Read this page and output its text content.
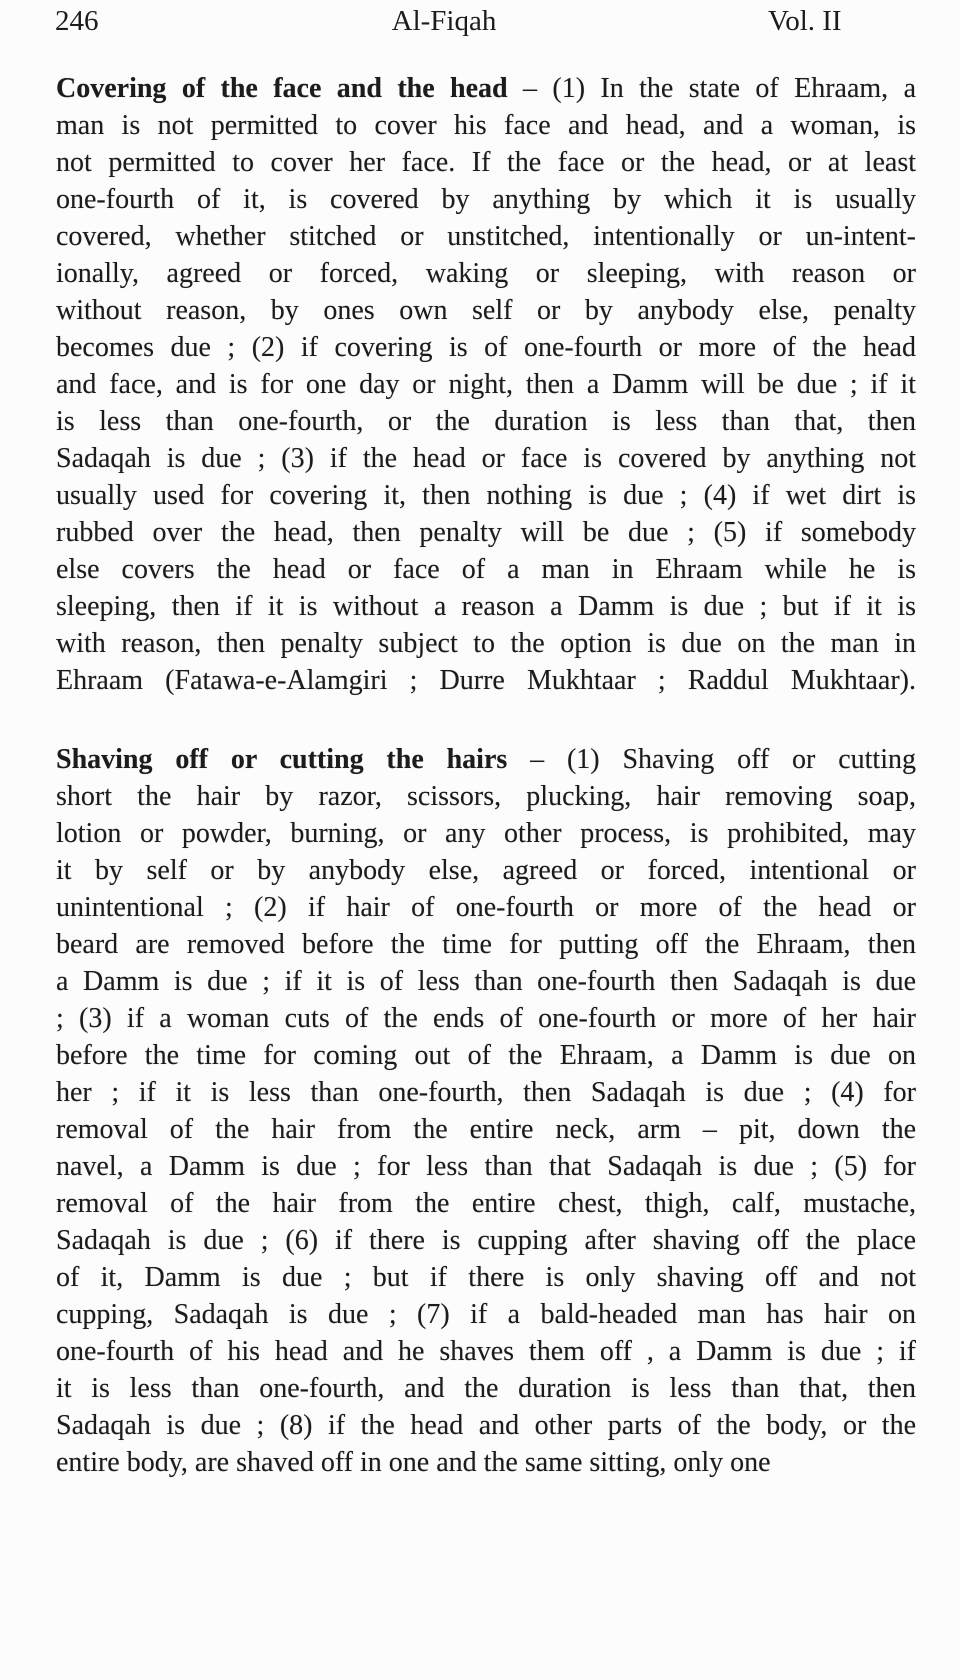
246	Al-Fiqah	Vol. II
Covering of the face and the head – (1) In the state of Ehraam, a
man is not permitted to cover his face and head, and a woman, is
not permitted to cover her face. If the face or the head, or at least
one-fourth of it, is covered by anything by which it is usually
covered, whether stitched or unstitched, intentionally or un-intent-
ionally, agreed or forced, waking or sleeping, with reason or
without reason, by ones own self or by anybody else, penalty
becomes due ; (2) if covering is of one-fourth or more of the head
and face, and is for one day or night, then a Damm will be due ; if it
is less than one-fourth, or the duration is less than that, then
Sadaqah is due ; (3) if the head or face is covered by anything not
usually used for covering it, then nothing is due ; (4) if wet dirt is
rubbed over the head, then penalty will be due ; (5) if somebody
else covers the head or face of a man in Ehraam while he is
sleeping, then if it is without a reason a Damm is due ; but if it is
with reason, then penalty subject to the option is due on the man in
Ehraam (Fatawa-e-Alamgiri ; Durre Mukhtaar ; Raddul Mukhtaar).
Shaving off or cutting the hairs – (1) Shaving off or cutting
short the hair by razor, scissors, plucking, hair removing soap,
lotion or powder, burning, or any other process, is prohibited, may
it by self or by anybody else, agreed or forced, intentional or
unintentional ; (2) if hair of one-fourth or more of the head or
beard are removed before the time for putting off the Ehraam, then
a Damm is due ; if it is of less than one-fourth then Sadaqah is due
; (3) if a woman cuts of the ends of one-fourth or more of her hair
before the time for coming out of the Ehraam, a Damm is due on
her ; if it is less than one-fourth, then Sadaqah is due ; (4) for
removal of the hair from the entire neck, arm – pit, down the
navel, a Damm is due ; for less than that Sadaqah is due ; (5) for
removal of the hair from the entire chest, thigh, calf, mustache,
Sadaqah is due ; (6) if there is cupping after shaving off the place
of it, Damm is due ; but if there is only shaving off and not
cupping, Sadaqah is due ; (7) if a bald-headed man has hair on
one-fourth of his head and he shaves them off , a Damm is due ; if
it is less than one-fourth, and the duration is less than that, then
Sadaqah is due ; (8) if the head and other parts of the body, or the
entire body, are shaved off in one and the same sitting, only one
